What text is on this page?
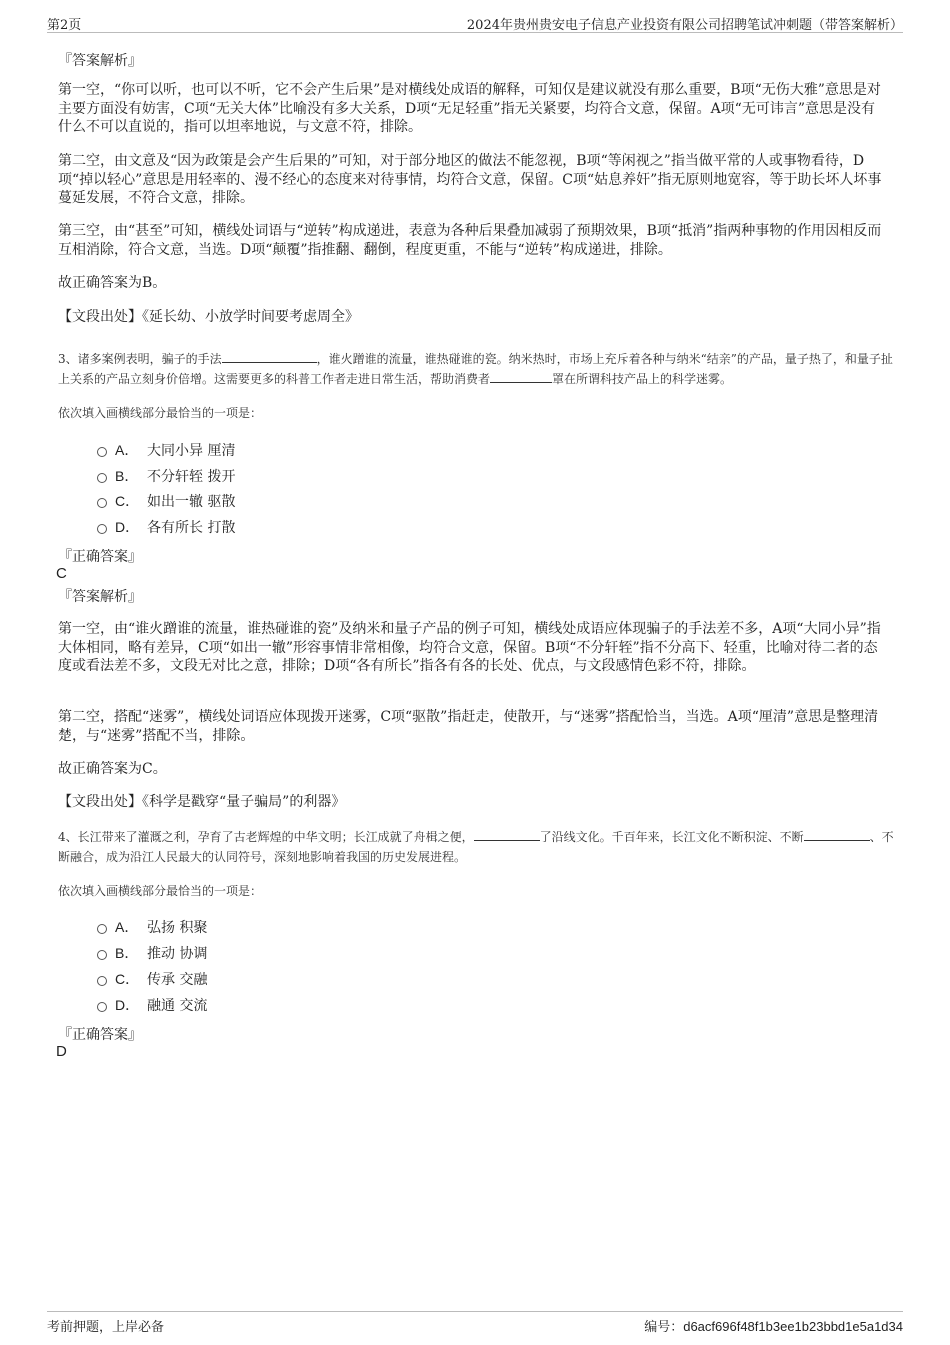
第2页	2024年贵州贵安电子信息产业投资有限公司招聘笔试冲刺题（带答案解析）
『答案解析』
第一空，“你可以听，也可以不听，它不会产生后果”是对横线处成语的解释，可知仅是建议就没有那么重要，B项“无伤大雅”意思是对主要方面没有妨害，C项“无关大体”比喻没有多大关系，D项“无足轻重”指无关紧要，均符合文意，保留。A项“无可讳言”意思是没有什么不可以直说的，指可以坦率地说，与文意不符，排除。
第二空，由文意及“因为政策是会产生后果的”可知，对于部分地区的做法不能忽视，B项“等闲视之”指当做平常的人或事物看待，D项“掉以轻心”意思是用轻率的、漫不经心的态度来对待事情，均符合文意，保留。C项“姑息养奸”指无原则地宽容，等于助长坏人坏事蔓延发展，不符合文意，排除。
第三空，由“甚至”可知，横线处词语与“逆转”构成递进，表意为各种后果叠加减弱了预期效果，B项“抵消”指两种事物的作用因相反而互相消除，符合文意，当选。D项“颠覆”指推翻、翻倒，程度更重，不能与“逆转”构成递进，排除。
故正确答案为B。
【文段出处】《延长幼、小放学时间要考虑周全》
3、诸多案例表明，骗子的手法	，谁火蹭谁的流量，谁热碰谁的瓷。纳米热时，市场上充斥着各种与纳米“结亲”的产品，量子热了，和量子扯上关系的产品立刻身价倍增。这需要更多的科普工作者走进日常生活，帮助消费者	罩在所谓科技产品上的科学迷雾。
依次填入画横线部分最恰当的一项是：
A． 大同小异 厘清
B． 不分轩轾 拨开
C． 如出一辙 驱散
D． 各有所长 打散
『正确答案』
C
『答案解析』
第一空，由“谁火蹭谁的流量，谁热碰谁的瓷”及纳米和量子产品的例子可知，横线处成语应体现骗子的手法差不多，A项“大同小异”指大体相同，略有差异，C项“如出一辙”形容事情非常相像，均符合文意，保留。B项“不分轩轾”指不分高下、轻重，比喻对待二者的态度或看法差不多，文段无对比之意，排除；D项“各有所长”指各有各的长处、优点，与文段感情色彩不符，排除。
第二空，搭配“迷雾”，横线处词语应体现拨开迷雾，C项“驱散”指赶走，使散开，与“迷雾”搭配恰当，当选。A项“厘清”意思是整理清楚，与“迷雾”搭配不当，排除。
故正确答案为C。
【文段出处】《科学是戳穿“量子骗局”的利器》
4、长江带来了灌溉之利，孕育了古老辉煌的中华文明；长江成就了舟楫之便，	了沿线文化。千百年来，长江文化不断积淀、不断	、不断融合，成为沿江人民最大的认同符号，深刻地影响着我国的历史发展进程。
依次填入画横线部分最恰当的一项是：
A． 弘扬 积聚
B． 推动 协调
C． 传承 交融
D． 融通 交流
『正确答案』
D
考前押题，上岸必备	编号：d6acf696f48f1b3ee1b23bbd1e5a1d34
